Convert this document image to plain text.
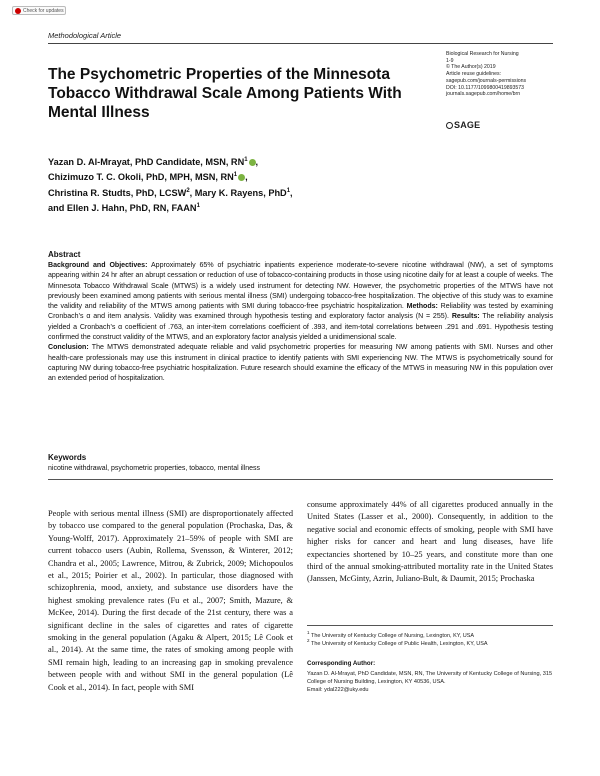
Check for updates
Methodological Article
Biological Research for Nursing
1-9
© The Author(s) 2019
Article reuse guidelines:
sagepub.com/journals-permissions
DOI: 10.1177/1099800419893573
journals.sagepub.com/home/brn
SAGE
The Psychometric Properties of the Minnesota Tobacco Withdrawal Scale Among Patients With Mental Illness
Yazan D. Al-Mrayat, PhD Candidate, MSN, $RN^1$ ,
Chizimuzo T. C. Okoli, PhD, MPH, MSN, $RN^1$ ,
Christina R. Studts, PhD, LCSW$^2$, Mary K. Rayens, PhD$^1$,
and Ellen J. Hahn, PhD, RN, FAAN$^1$
Abstract
Background and Objectives: Approximately 65% of psychiatric inpatients experience moderate-to-severe nicotine withdrawal (NW), a set of symptoms appearing within 24 hr after an abrupt cessation or reduction of use of tobacco-containing products in those using nicotine daily for at least a couple of weeks. The Minnesota Tobacco Withdrawal Scale (MTWS) is a widely used instrument for detecting NW. However, the psychometric properties of the MTWS have not previously been examined among patients with serious mental illness (SMI) undergoing tobacco-free hospitalization. The objective of this study was to examine the validity and reliability of the MTWS among patients with SMI during tobacco-free psychiatric hospitalization. Methods: Reliability was tested by examining Cronbach’s α and item analysis. Validity was examined through hypothesis testing and exploratory factor analysis (N = 255). Results: The reliability analysis yielded a Cronbach’s α coefficient of .763, an inter-item correlations coefficient of .393, and item-total correlations between .291 and .691. Hypothesis testing confirmed the construct validity of the MTWS, and an exploratory factor analysis yielded a unidimensional scale.
Conclusion: The MTWS demonstrated adequate reliable and valid psychometric properties for measuring NW among patients with SMI. Nurses and other health-care professionals may use this instrument in clinical practice to identify patients with SMI experiencing NW. The MTWS is psychometrically sound for capturing NW during tobacco-free psychiatric hospitalization. Future research should examine the efficacy of the MTWS in measuring NW in this population over an extended period of hospitalization.
Keywords
nicotine withdrawal, psychometric properties, tobacco, mental illness
People with serious mental illness (SMI) are disproportionately affected by tobacco use compared to the general population (Prochaska, Das, & Young-Wolff, 2017). Approximately 21–59% of people with SMI are current tobacco users (Aubin, Rollema, Svensson, & Winterer, 2012; Chandra et al., 2005; Lawrence, Mitrou, & Zubrick, 2009; Michopoulos et al., 2015; Poirier et al., 2002). In particular, those diagnosed with schizophrenia, mood, anxiety, and substance use disorders have the highest smoking prevalence rates (Fu et al., 2007; Smith, Mazure, & McKee, 2014). During the first decade of the 21st century, there was a significant decline in the sales of cigarettes and rates of cigarette smoking in the general population (Agaku & Alpert, 2015; Lê Cook et al., 2014). At the same time, the rates of smoking among people with SMI remain high, leading to an increasing gap in smoking prevalence between people with and without SMI in the general population (Lê Cook et al., 2014). In fact, people with SMI
consume approximately 44% of all cigarettes produced annually in the United States (Lasser et al., 2000). Consequently, in addition to the negative social and economic effects of smoking, people with SMI have higher risks for cancer and heart and lung diseases, have life expectancies shortened by 10–25 years, and constitute more than one third of the annual smoking-attributed mortality rate in the United States (Janssen, McGinty, Azrin, Juliano-Bult, & Daumit, 2015; Prochaska
$^1$ The University of Kentucky College of Nursing, Lexington, KY, USA
$^2$ The University of Kentucky College of Public Health, Lexington, KY, USA
Corresponding Author:
Yazan D. Al-Mrayat, PhD Candidate, MSN, RN, The University of Kentucky College of Nursing, 315 College of Nursing Building, Lexington, KY 40536, USA.
Email: ydal222@uky.edu
